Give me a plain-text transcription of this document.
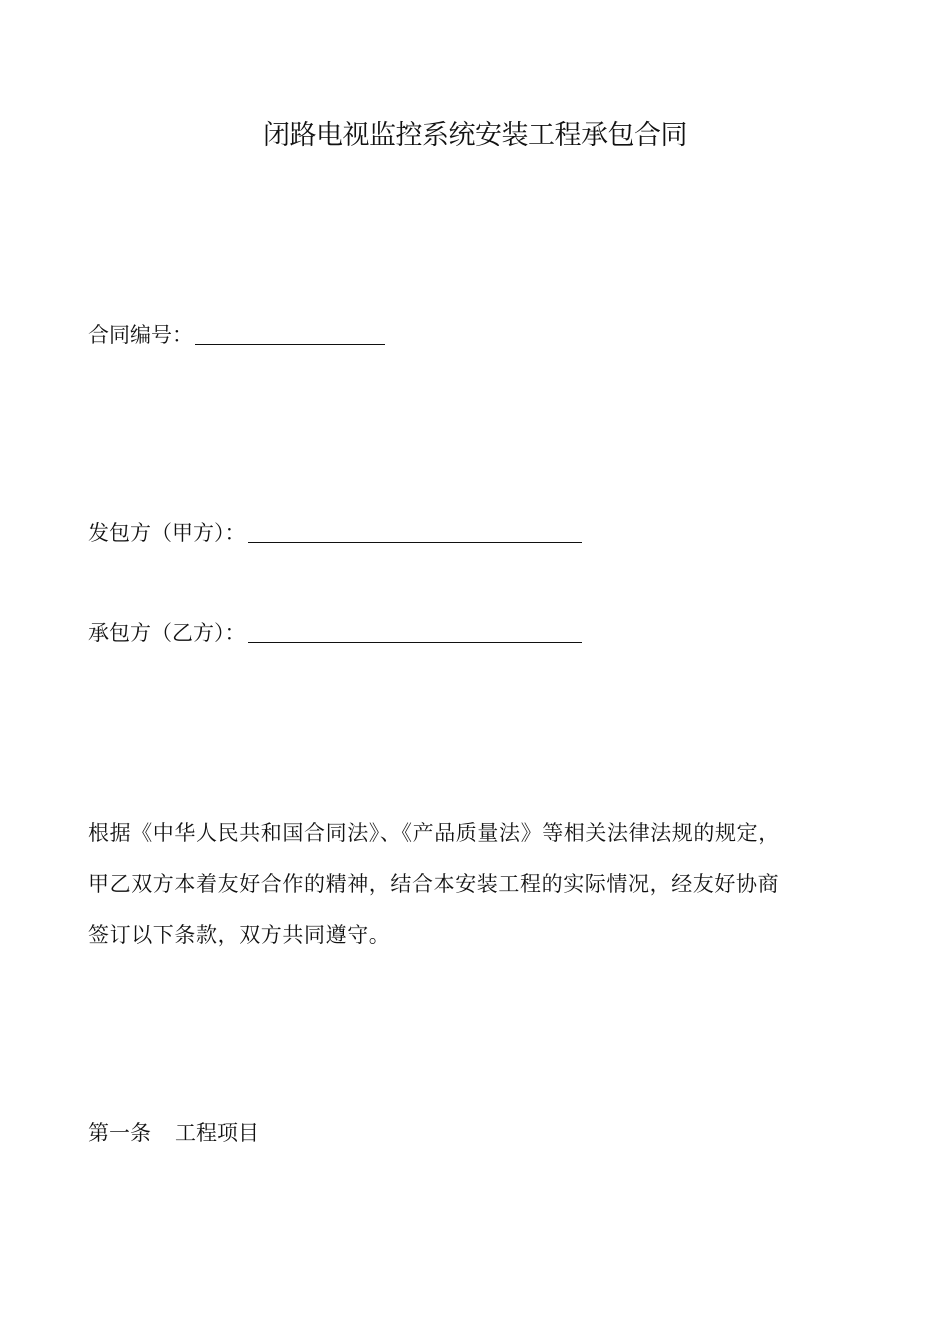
闭路电视监控系统安装工程承包合同
合同编号：
发包方（甲方）：
承包方（乙方）：
根据《中华人民共和国合同法》、《产品质量法》等相关法律法规的规定，
甲乙双方本着友好合作的精神，结合本安装工程的实际情况，经友好协商
签订以下条款，双方共同遵守。
第一条 工程项目
